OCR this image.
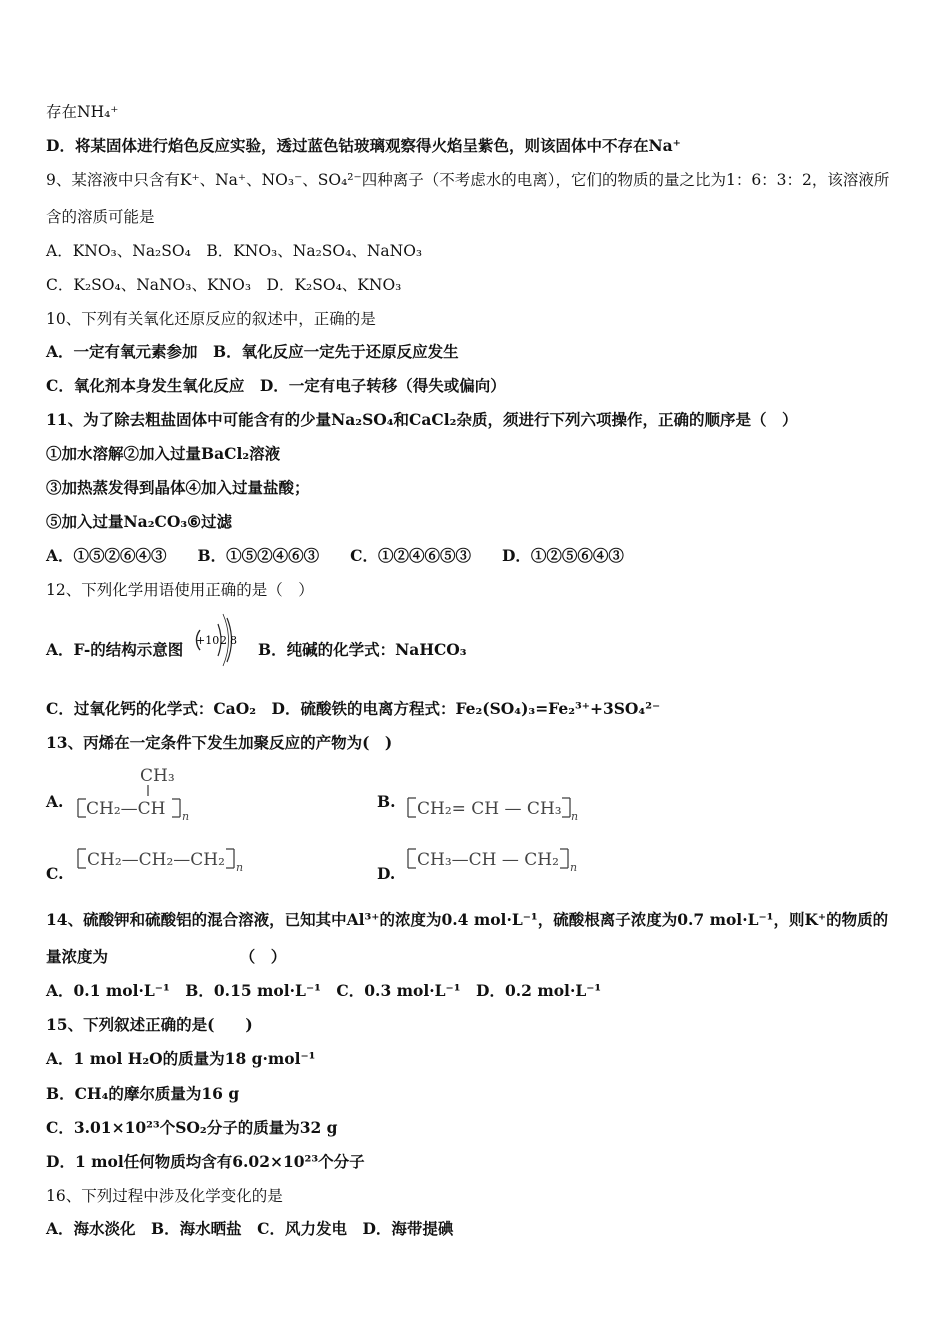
存在NH₄⁺
D．将某固体进行焰色反应实验，透过蓝色钴玻璃观察得火焰呈紫色，则该固体中不存在Na⁺
9、某溶液中只含有K⁺、Na⁺、NO₃⁻、SO₄²⁻四种离子（不考虑水的电离），它们的物质的量之比为1：6：3：2，该溶液所
含的溶质可能是
A．KNO₃、Na₂SO₄　B．KNO₃、Na₂SO₄、NaNO₃
C．K₂SO₄、NaNO₃、KNO₃　D．K₂SO₄、KNO₃
10、下列有关氧化还原反应的叙述中，正确的是
A．一定有氧元素参加　B．氧化反应一定先于还原反应发生
C．氧化剂本身发生氧化反应　D．一定有电子转移（得失或偏向）
11、为了除去粗盐固体中可能含有的少量Na₂SO₄和CaCl₂杂质，须进行下列六项操作，正确的顺序是（　）
①加水溶解②加入过量BaCl₂溶液
③加热蒸发得到晶体④加入过量盐酸；
⑤加入过量Na₂CO₃⑥过滤
A．①⑤②⑥④③　　B．①⑤②④⑥③　　C．①②④⑥⑤③　　D．①②⑤⑥④③
12、下列化学用语使用正确的是（　）
A．F-的结构示意图 +10 2 8 B．纯碱的化学式：NaHCO₃
C．过氧化钙的化学式：CaO₂　D．硫酸铁的电离方程式：Fe₂(SO₄)₃=Fe₂³⁺+3SO₄²⁻
13、丙烯在一定条件下发生加聚反应的产物为(　)
A.
CH₃
CH₂—CH n
B. CH₂= CH — CH₃ n
CH₂—CH₂—CH₂ n
C.
CH₃—CH — CH₂ n
D.
14、硫酸钾和硫酸铝的混合溶液，已知其中Al³⁺的浓度为0.4 mol·L⁻¹，硫酸根离子浓度为0.7 mol·L⁻¹，则K⁺的物质的
量浓度为　　　　　　　　　（　）
A．0.1 mol·L⁻¹　B．0.15 mol·L⁻¹　C．0.3 mol·L⁻¹　D．0.2 mol·L⁻¹
15、下列叙述正确的是(　　)
A．1 mol H₂O的质量为18 g·mol⁻¹
B．CH₄的摩尔质量为16 g
C．3.01×10²³个SO₂分子的质量为32 g
D．1 mol任何物质均含有6.02×10²³个分子
16、下列过程中涉及化学变化的是
A．海水淡化　B．海水晒盐　C．风力发电　D．海带提碘
